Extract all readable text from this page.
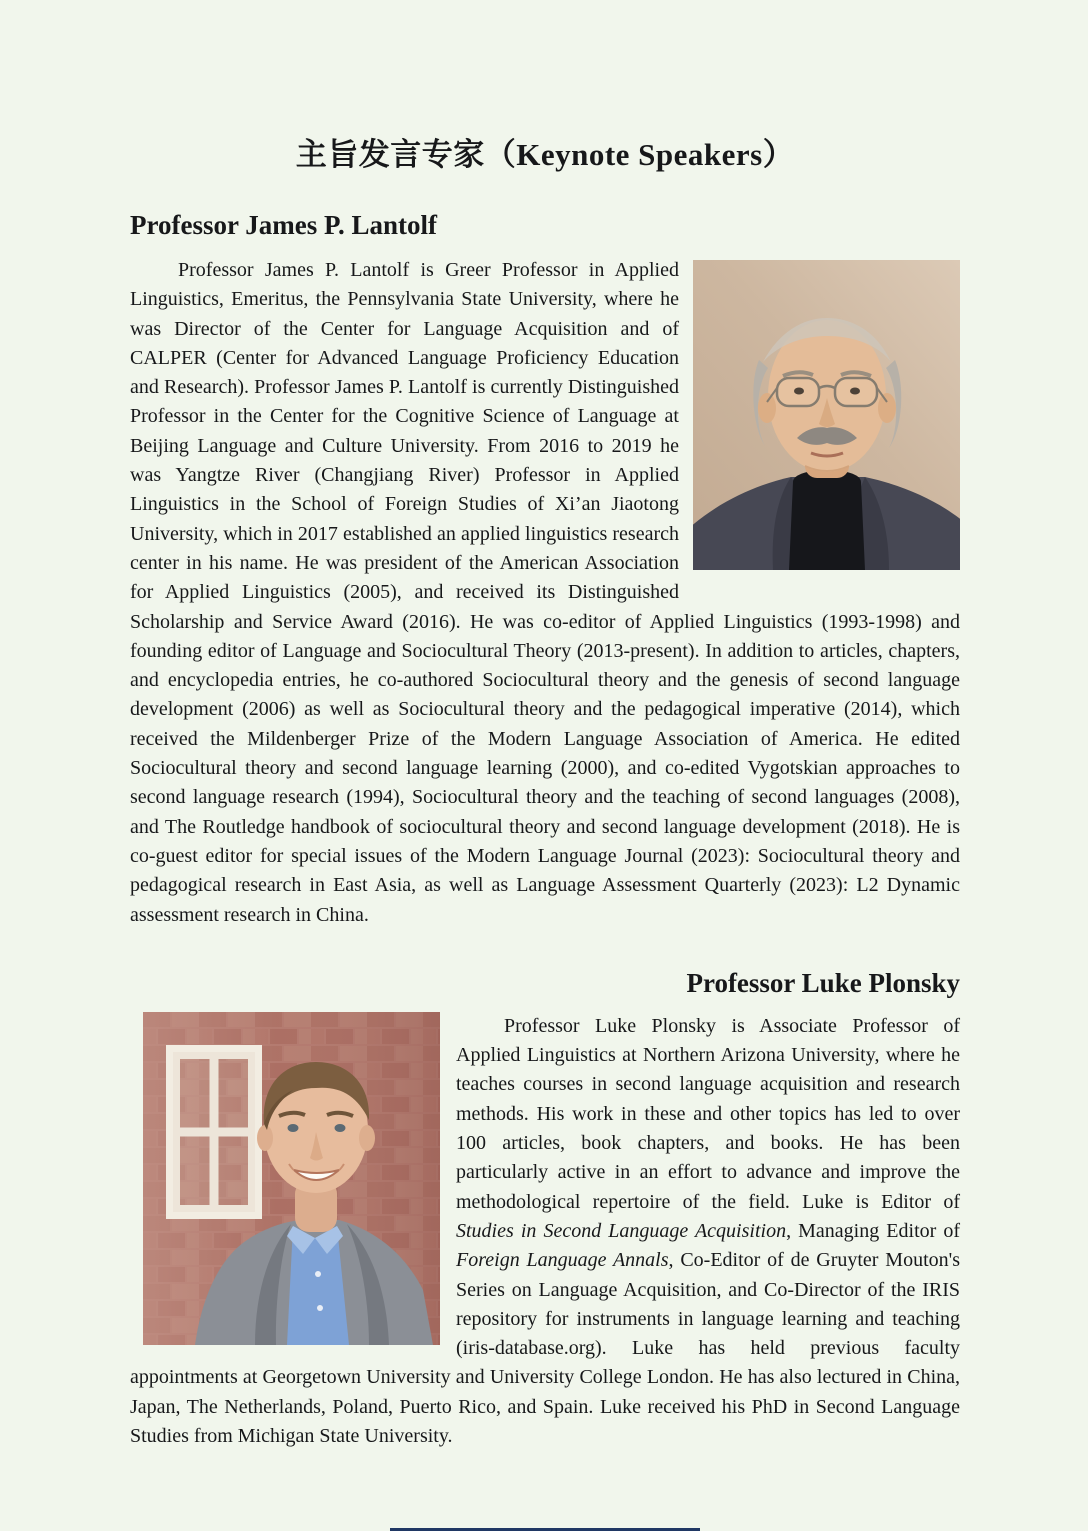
主旨发言专家（Keynote Speakers）
Professor James P. Lantolf
Professor James P. Lantolf is Greer Professor in Applied Linguistics, Emeritus, the Pennsylvania State University, where he was Director of the Center for Language Acquisition and of CALPER (Center for Advanced Language Proficiency Education and Research). Professor James P. Lantolf is currently Distinguished Professor in the Center for the Cognitive Science of Language at Beijing Language and Culture University. From 2016 to 2019 he was Yangtze River (Changjiang River) Professor in Applied Linguistics in the School of Foreign Studies of Xi’an Jiaotong University, which in 2017 established an applied linguistics research center in his name. He was president of the American Association for Applied Linguistics (2005), and received its Distinguished Scholarship and Service Award (2016). He was co-editor of Applied Linguistics (1993-1998) and founding editor of Language and Sociocultural Theory (2013-present). In addition to articles, chapters, and encyclopedia entries, he co-authored Sociocultural theory and the genesis of second language development (2006) as well as Sociocultural theory and the pedagogical imperative (2014), which received the Mildenberger Prize of the Modern Language Association of America. He edited Sociocultural theory and second language learning (2000), and co-edited Vygotskian approaches to second language research (1994), Sociocultural theory and the teaching of second languages (2008), and The Routledge handbook of sociocultural theory and second language development (2018). He is co-guest editor for special issues of the Modern Language Journal (2023): Sociocultural theory and pedagogical research in East Asia, as well as Language Assessment Quarterly (2023): L2 Dynamic assessment research in China.
Professor Luke Plonsky
Professor Luke Plonsky is Associate Professor of Applied Linguistics at Northern Arizona University, where he teaches courses in second language acquisition and research methods. His work in these and other topics has led to over 100 articles, book chapters, and books. He has been particularly active in an effort to advance and improve the methodological repertoire of the field. Luke is Editor of Studies in Second Language Acquisition, Managing Editor of Foreign Language Annals, Co-Editor of de Gruyter Mouton's Series on Language Acquisition, and Co-Director of the IRIS repository for instruments in language learning and teaching (iris-database.org). Luke has held previous faculty appointments at Georgetown University and University College London. He has also lectured in China, Japan, The Netherlands, Poland, Puerto Rico, and Spain. Luke received his PhD in Second Language Studies from Michigan State University.
